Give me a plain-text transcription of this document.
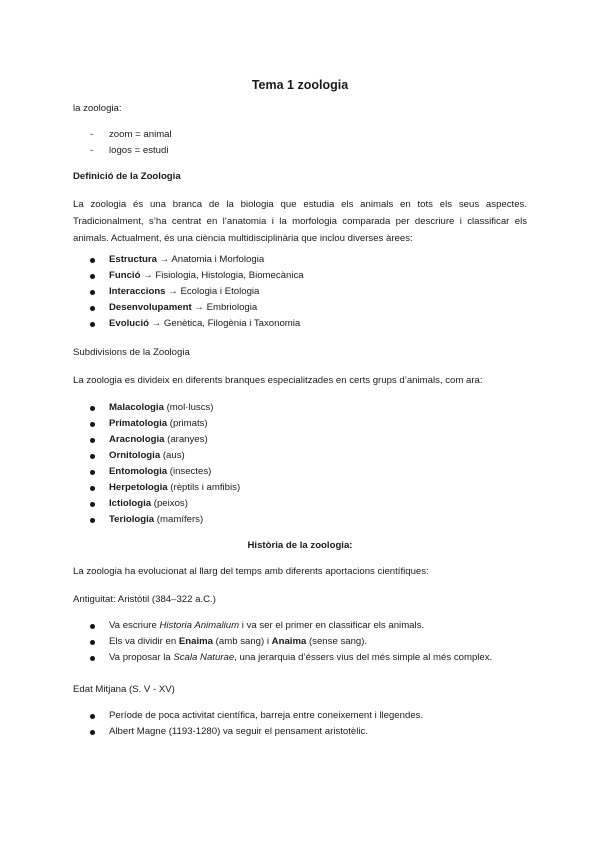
Tema 1 zoologia
la zoologia:
- zoom = animal
- logos = estudi
Definició de la Zoologia
La zoologia és una branca de la biologia que estudia els animals en tots els seus aspectes.
Tradicionalment, s’ha centrat en l’anatomia i la morfologia comparada per descriure i classificar els
animals. Actualment, és una ciència multidisciplinària que inclou diverses àrees:
Estructura → Anatomia i Morfologia
Funció → Fisiologia, Histologia, Biomecànica
Interaccions → Ecologia i Etologia
Desenvolupament → Embriologia
Evolució → Genètica, Filogènia i Taxonomia
Subdivisions de la Zoologia
La zoologia es divideix en diferents branques especialitzades en certs grups d’animals, com ara:
Malacologia (mol·luscs)
Primatologia (primats)
Aracnologia (aranyes)
Ornitologia (aus)
Entomologia (insectes)
Herpetologia (rèptils i amfibis)
Ictiologia (peixos)
Teriologia (mamífers)
Història de la zoologia:
La zoologia ha evolucionat al llarg del temps amb diferents aportacions científiques:
Antiguitat: Aristòtil (384–322 a.C.)
Va escriure Historia Animalium i va ser el primer en classificar els animals.
Els va dividir en Enaima (amb sang) i Anaima (sense sang).
Va proposar la Scala Naturae, una jerarquia d’éssers vius del més simple al més complex.
Edat Mitjana (S. V - XV)
Període de poca activitat científica, barreja entre coneixement i llegendes.
Albert Magne (1193-1280) va seguir el pensament aristotèlic.
